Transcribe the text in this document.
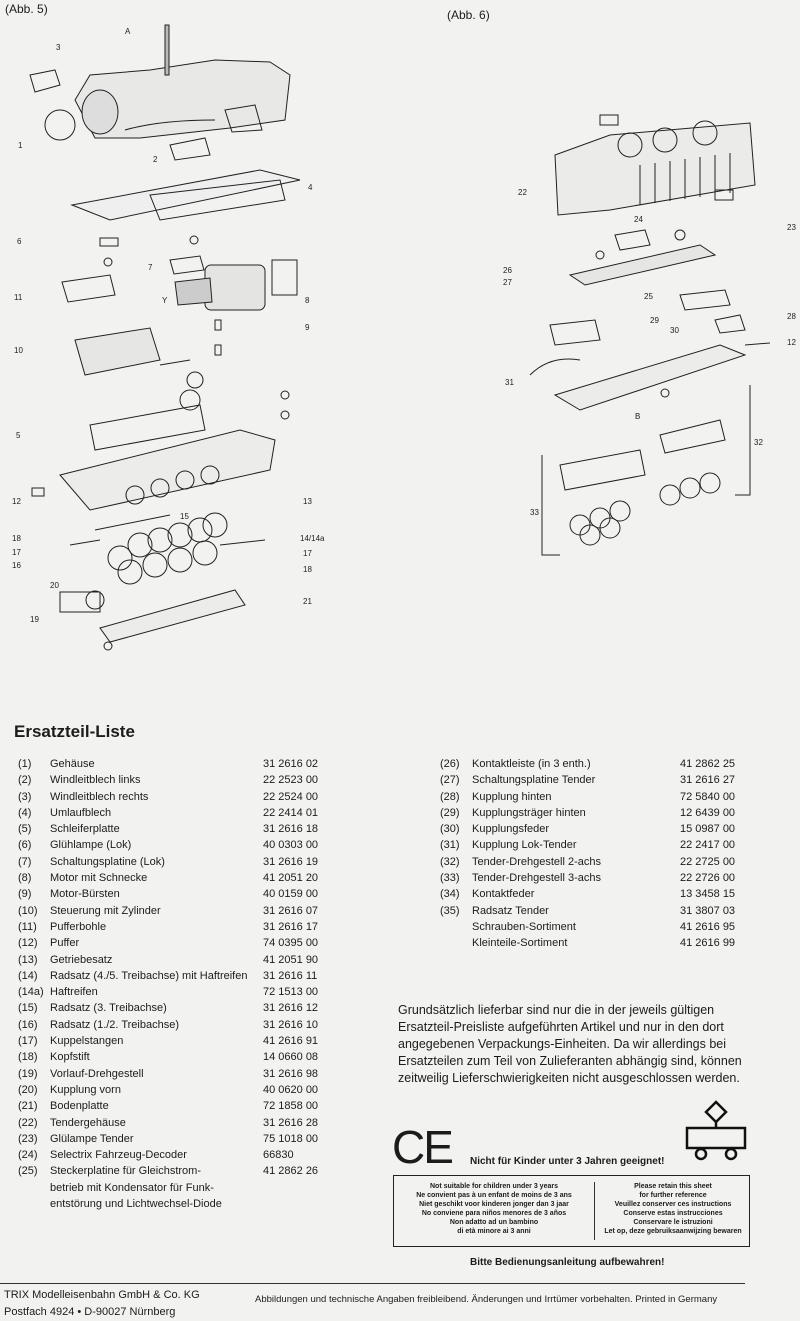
(Abb. 5)	(Abb. 6)
A
3
1
2
4
6
7
Y	8
9
11
10
5
12	13
15
14/14a
18
17
16
17
18
20
19
21
22
24
23
26
27
25
29
30
28
12
31
B
32
33
Ersatzteil-Liste
(1)	Gehäuse	31 2616 02
(2)	Windleitblech links	22 2523 00
(3)	Windleitblech rechts	22 2524 00
(4)	Umlaufblech	22 2414 01
(5)	Schleiferplatte	31 2616 18
(6)	Glühlampe (Lok)	40 0303 00
(7)	Schaltungsplatine (Lok)	31 2616 19
(8)	Motor mit Schnecke	41 2051 20
(9)	Motor-Bürsten	40 0159 00
(10)	Steuerung mit Zylinder	31 2616 07
(11)	Pufferbohle	31 2616 17
(12)	Puffer	74 0395 00
(13)	Getriebesatz	41 2051 90
(14)	Radsatz (4./5. Treibachse) mit Haftreifen 31 2616 11
(14a) Haftreifen	72 1513 00
(15)	Radsatz (3. Treibachse)	31 2616 12
(16)	Radsatz (1./2. Treibachse)	31 2616 10
(17)	Kuppelstangen	41 2616 91
(18)	Kopfstift	14 0660 08
(19)	Vorlauf-Drehgestell	31 2616 98
(20)	Kupplung vorn	40 0620 00
(21)	Bodenplatte	72 1858 00
(22)	Tendergehäuse	31 2616 28
(23)	Glülampe Tender	75 1018 00
(24)	Selectrix Fahrzeug-Decoder	66830
(25)	Steckerplatine für Gleichstrom-	41 2862 26
betrieb mit Kondensator für Funk-
entstörung und Lichtwechsel-Diode
(26)	Kontaktleiste (in 3 enth.)	41 2862 25
(27)	Schaltungsplatine Tender	31 2616 27
(28)	Kupplung hinten	72 5840 00
(29)	Kupplungsträger hinten	12 6439 00
(30)	Kupplungsfeder	15 0987 00
(31)	Kupplung Lok-Tender	22 2417 00
(32)	Tender-Drehgestell 2-achs	22 2725 00
(33)	Tender-Drehgestell 3-achs	22 2726 00
(34)	Kontaktfeder	13 3458 15
(35)	Radsatz Tender	31 3807 03
Schrauben-Sortiment	41 2616 95
Kleinteile-Sortiment	41 2616 99
Grundsätzlich lieferbar sind nur die in der jeweils gültigen Ersatzteil-Preisliste aufgeführten Artikel und nur in den dort angegebenen Verpackungs-Einheiten. Da wir allerdings bei Ersatzteilen zum Teil von Zulieferanten abhängig sind, können zeitweilig Lieferschwierigkeiten nicht ausgeschlossen werden.
CE Nicht für Kinder unter 3 Jahren geeignet!
Not suitable for children under 3 years
Ne convient pas à un enfant de moins de 3 ans
Niet geschikt voor kinderen jonger dan 3 jaar
No conviene para niños menores de 3 años
Non adatto ad un bambino
di età minore ai 3 anni
Please retain this sheet
for further reference
Veuillez conserver ces instructions
Conserve estas instrucciones
Conservare le istruzioni
Let op, deze gebruiksaanwijzing bewaren
Bitte Bedienungsanleitung aufbewahren!
TRIX Modelleisenbahn GmbH & Co. KG
Postfach 4924 • D-90027 Nürnberg
Abbildungen und technische Angaben freibleibend. Änderungen und Irrtümer vorbehalten. Printed in Germany
